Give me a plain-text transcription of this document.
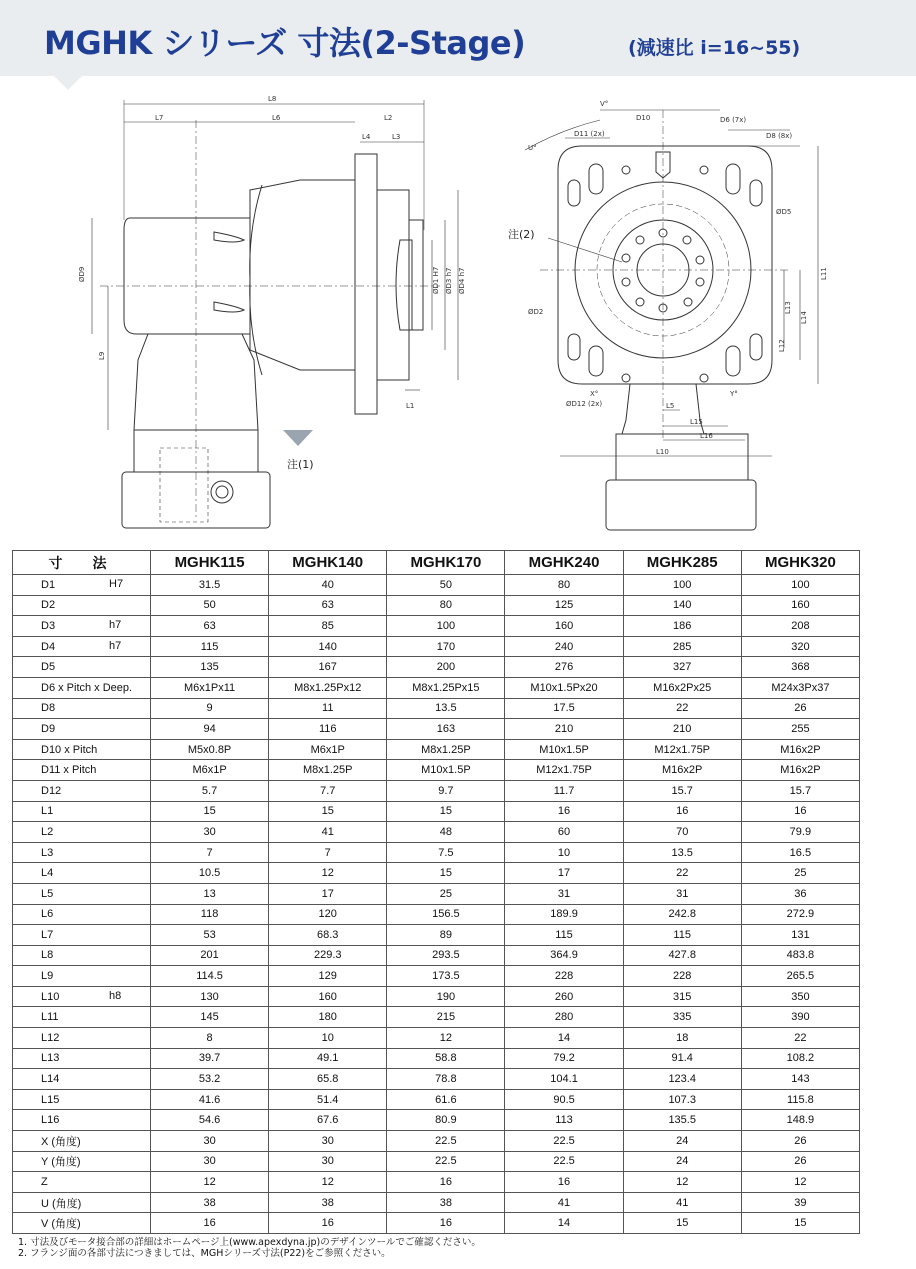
MGHK シリーズ 寸法(2-Stage)	(減速比 i=16~55)
注(1)
L8
L7	L6	L2
L4	L3
L1
ØD9
L9
ØD1 H7 ØD3 h7 ØD4 h7
注(2)
V°
U°
D10
D11 (2x)
D6 (7x)
D8 (8x)
ØD5
ØD2
ØD12 (2x)
L11
L13
L14
L12
L5
L15
L16
L10
X°	Y°
寸　法	MGHK115	MGHK140	MGHK170	MGHK240	MGHK285	MGHK320
D1 H7	31.5	40	50	80	100	100
D2	50	63	80	125	140	160
D3 h7	63	85	100	160	186	208
D4 h7	115	140	170	240	285	320
D5	135	167	200	276	327	368
D6 x Pitch x Deep.	M6x1Px11	M8x1.25Px12	M8x1.25Px15	M10x1.5Px20	M16x2Px25	M24x3Px37
D8	9	11	13.5	17.5	22	26
D9	94	116	163	210	210	255
D10 x Pitch	M5x0.8P	M6x1P	M8x1.25P	M10x1.5P	M12x1.75P	M16x2P
D11 x Pitch	M6x1P	M8x1.25P	M10x1.5P	M12x1.75P	M16x2P	M16x2P
D12	5.7	7.7	9.7	11.7	15.7	15.7
L1	15	15	15	16	16	16
L2	30	41	48	60	70	79.9
L3	7	7	7.5	10	13.5	16.5
L4	10.5	12	15	17	22	25
L5	13	17	25	31	31	36
L6	118	120	156.5	189.9	242.8	272.9
L7	53	68.3	89	115	115	131
L8	201	229.3	293.5	364.9	427.8	483.8
L9	114.5	129	173.5	228	228	265.5
L10 h8	130	160	190	260	315	350
L11	145	180	215	280	335	390
L12	8	10	12	14	18	22
L13	39.7	49.1	58.8	79.2	91.4	108.2
L14	53.2	65.8	78.8	104.1	123.4	143
L15	41.6	51.4	61.6	90.5	107.3	115.8
L16	54.6	67.6	80.9	113	135.5	148.9
X (角度)	30	30	22.5	22.5	24	26
Y (角度)	30	30	22.5	22.5	24	26
Z	12	12	16	16	12	12
U (角度)	38	38	38	41	41	39
V (角度)	16	16	16	14	15	15
1. 寸法及びモータ接合部の詳細はホームページ上(www.apexdyna.jp)のデザインツールでご確認ください。
2. フランジ面の各部寸法につきましては、MGHシリーズ寸法(P22)をご参照ください。
